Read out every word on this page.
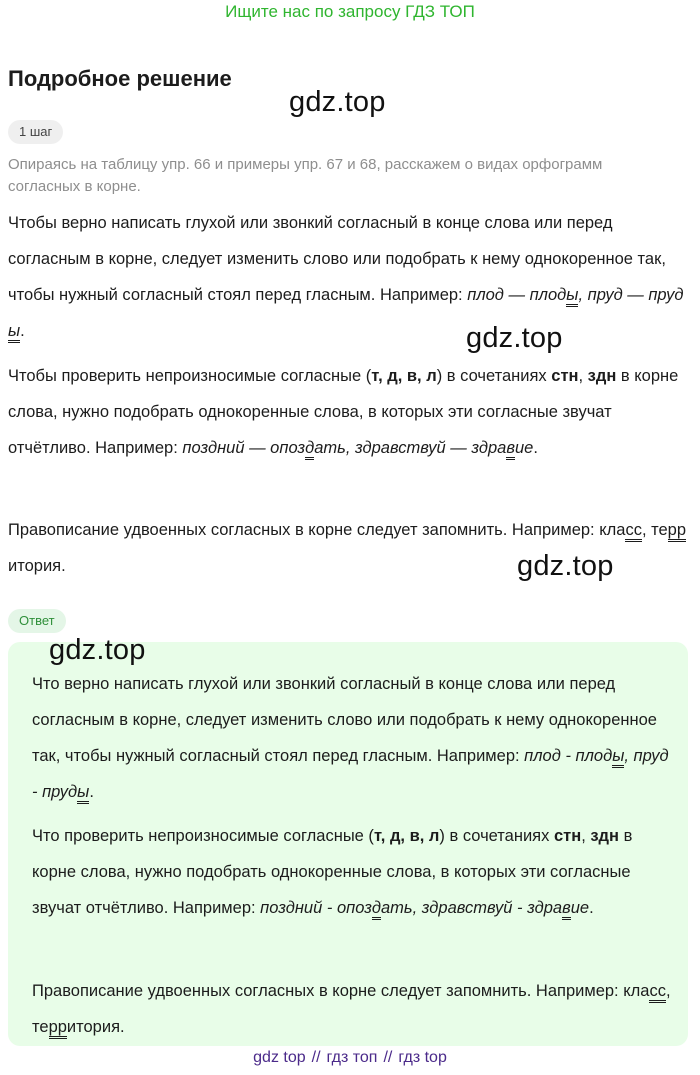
Ищите нас по запросу ГДЗ ТОП
Подробное решение
gdz.top
gdz.top
gdz.top
1 шаг

Опираясь на таблицу упр. 66 и примеры упр. 67 и 68, расскажем о видах орфограмм согласных в корне.

Чтобы верно написать глухой или звонкий согласный в конце слова или перед согласным в корне, следует изменить слово или подобрать к нему однокоренное так, чтобы нужный согласный стоял перед гласным. Например: плод — плоды, пруд — пруды.

Чтобы проверить непроизносимые согласные (т, д, в, л) в сочетаниях стн, здн в корне слова, нужно подобрать однокоренные слова, в которых эти согласные звучат отчётливо. Например: поздний — опоздать, здравствуй — здравие.

Правописание удвоенных согласных в корне следует запомнить. Например: класс, территория.

Ответ

Что верно написать глухой или звонкий согласный в конце слова или перед согласным в корне, следует изменить слово или подобрать к нему однокоренное так, чтобы нужный согласный стоял перед гласным. Например: плод - плоды, пруд - пруды.

Что проверить непроизносимые согласные (т, д, в, л) в сочетаниях стн, здн в корне слова, нужно подобрать однокоренные слова, в которых эти согласные звучат отчётливо. Например: поздний - опоздать, здравствуй - здравие.

Правописание удвоенных согласных в корне следует запомнить. Например: класс, территория.

gdz.top
gdz top // гдз топ // гдз top
